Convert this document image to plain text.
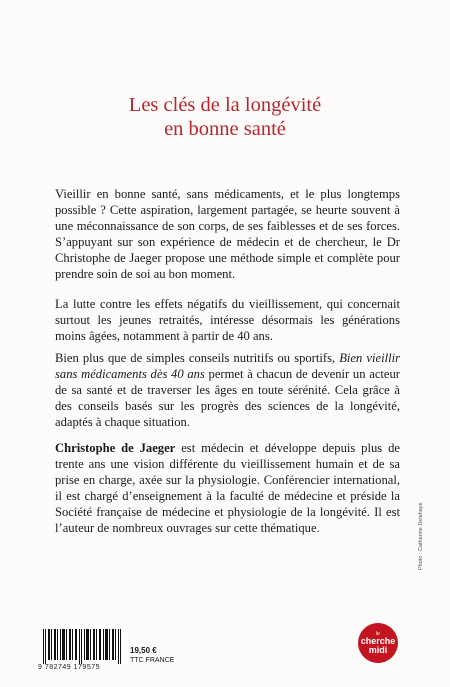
Les clés de la longévité
en bonne santé

Vieillir en bonne santé, sans médicaments, et le plus longtemps possible ? Cette aspiration, largement partagée, se heurte souvent à une méconnaissance de son corps, de ses faiblesses et de ses forces. S’appuyant sur son expérience de médecin et de chercheur, le Dr Christophe de Jaeger propose une méthode simple et complète pour prendre soin de soi au bon moment.

La lutte contre les effets négatifs du vieillissement, qui concernait surtout les jeunes retraités, intéresse désormais les générations moins âgées, notamment à partir de 40 ans.

Bien plus que de simples conseils nutritifs ou sportifs, Bien vieillir sans médicaments dès 40 ans permet à chacun de devenir un acteur de sa santé et de traverser les âges en toute sérénité. Cela grâce à des conseils basés sur les progrès des sciences de la longévité, adaptés à chaque situation.

Christophe de Jaeger est médecin et développe depuis plus de trente ans une vision différente du vieillissement humain et de sa prise en charge, axée sur la physiologie. Conférencier international, il est chargé d’enseignement à la faculté de médecine et préside la Société française de médecine et physiologie de la longévité. Il est l’auteur de nombreux ouvrages sur cette thématique.	Photo : Catherine Delahaye
9 782749 179575
19,50 €
TTC FRANCE
le
cherche
midi
